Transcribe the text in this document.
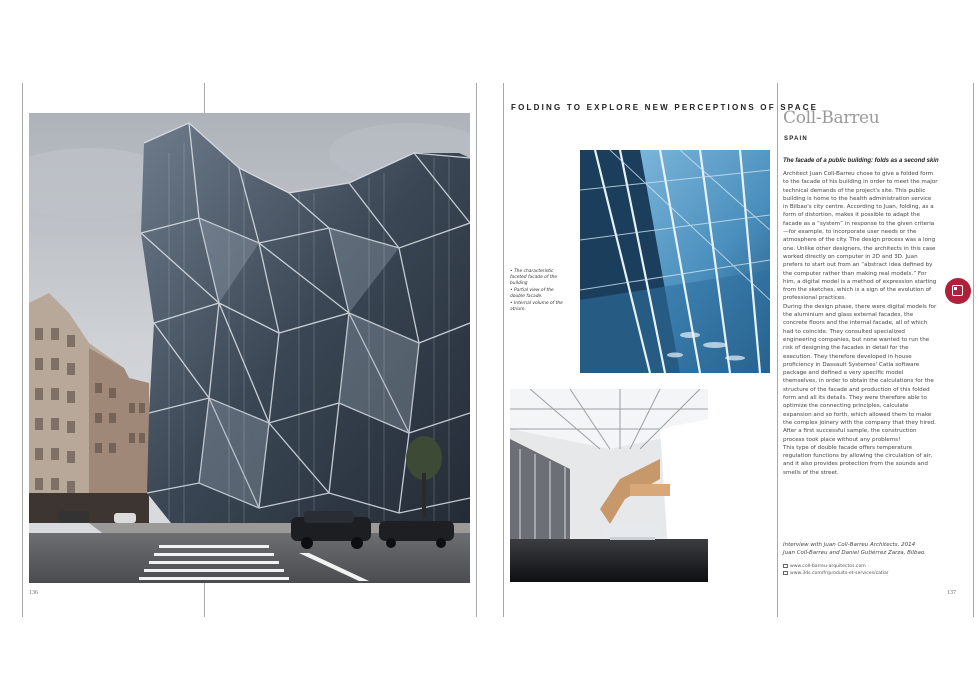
136	137
FOLDING TO EXPLORE NEW PERCEPTIONS OF SPACE
Coll-Barreu
SPAIN
The facade of a public building: folds as a second skin

Architect Juan Coll-Barreu chose to give a folded form to the facade of his building in order to meet the major technical demands of the project's site. This public building is home to the health administration service in Bilbao's city centre. According to Juan, folding, as a form of distortion, makes it possible to adapt the facade as a “system” in response to the given criteria—for example, to incorporate user needs or the atmosphere of the city. The design process was a long one. Unlike other designers, the architects in this case worked directly on computer in 2D and 3D. Juan prefers to start out from an “abstract idea defined by the computer rather than making real models.” For him, a digital model is a method of expression starting from the sketches, which is a sign of the evolution of professional practices.

During the design phase, there were digital models for the aluminium and glass external facades, the concrete floors and the internal facade, all of which had to coincide. They consulted specialized engineering companies, but none wanted to run the risk of designing the facades in detail for the execution. They therefore developed in house proficiency in Dassault Systemes' Catia software package and defined a very specific model themselves, in order to obtain the calculations for the structure of the facade and production of this folded form and all its details. They were therefore able to optimize the connecting principles, calculate expansion and so forth, which allowed them to make the complex joinery with the company that they hired. After a first successful sample, the construction process took place without any problems!

This type of double facade offers temperature regulation functions by allowing the circulation of air, and it also provides protection from the sounds and smells of the street.

Interview with Juan Coll-Barreu Architects, 2014
Juan Coll-Barreu and Daniel Gutiérrez Zarza, Bilbao.
www.coll-barreu-arquitectos.com
www.3ds.com/fr/produits-et-services/catia/
• The characteristic faceted facade of the building
• Partial view of the double facade.
• Internal volume of the atrium.
